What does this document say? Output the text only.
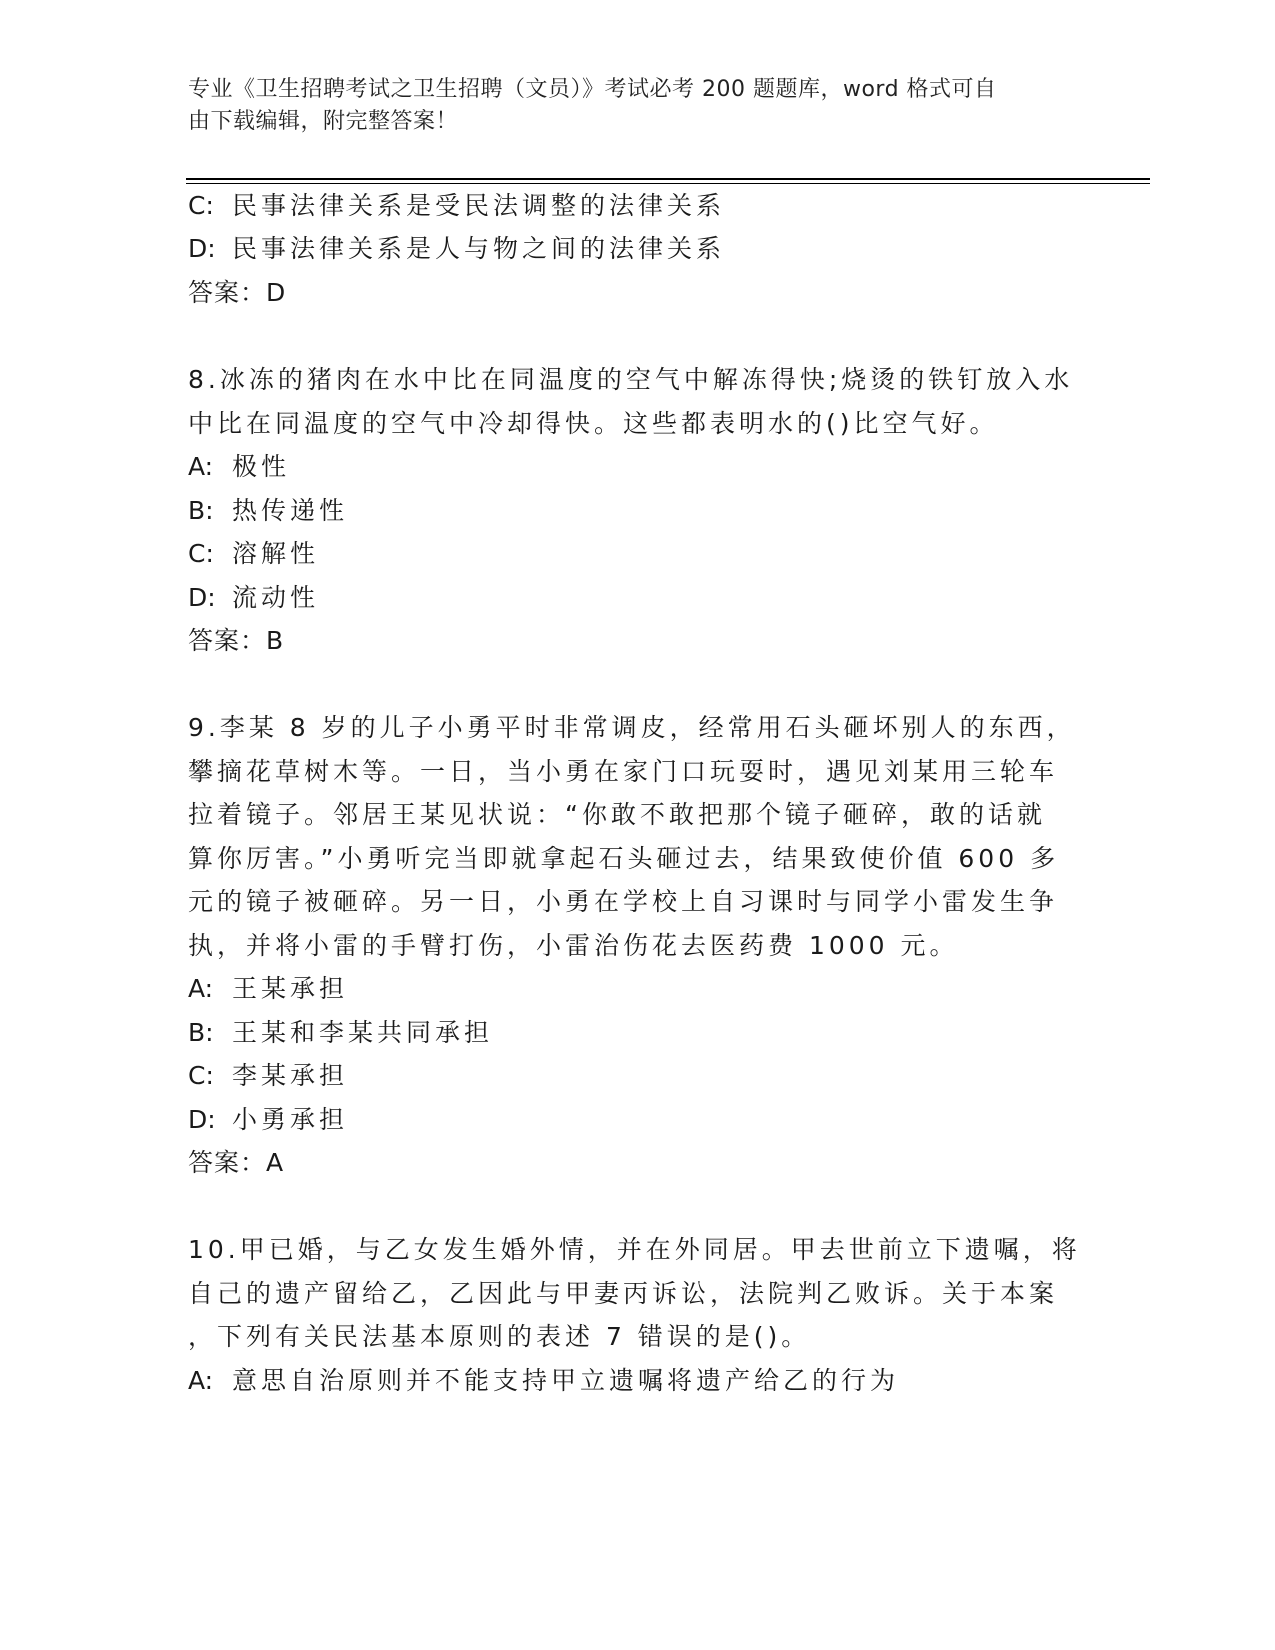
专业《卫生招聘考试之卫生招聘（文员）》考试必考 200 题题库，word 格式可自
由下载编辑，附完整答案！
C: 民事法律关系是受民法调整的法律关系
D: 民事法律关系是人与物之间的法律关系
答案：D
8.冰冻的猪肉在水中比在同温度的空气中解冻得快;烧烫的铁钉放入水
中比在同温度的空气中冷却得快。这些都表明水的()比空气好。
A: 极性
B: 热传递性
C: 溶解性
D: 流动性
答案：B
9.李某 8 岁的儿子小勇平时非常调皮，经常用石头砸坏别人的东西，
攀摘花草树木等。一日，当小勇在家门口玩耍时，遇见刘某用三轮车
拉着镜子。邻居王某见状说：“你敢不敢把那个镜子砸碎，敢的话就
算你厉害。”小勇听完当即就拿起石头砸过去，结果致使价值 600 多
元的镜子被砸碎。另一日，小勇在学校上自习课时与同学小雷发生争
执，并将小雷的手臂打伤，小雷治伤花去医药费 1000 元。
A: 王某承担
B: 王某和李某共同承担
C: 李某承担
D: 小勇承担
答案：A
10.甲已婚，与乙女发生婚外情，并在外同居。甲去世前立下遗嘱，将
自己的遗产留给乙，乙因此与甲妻丙诉讼，法院判乙败诉。关于本案
，下列有关民法基本原则的表述 7 错误的是()。
A: 意思自治原则并不能支持甲立遗嘱将遗产给乙的行为
